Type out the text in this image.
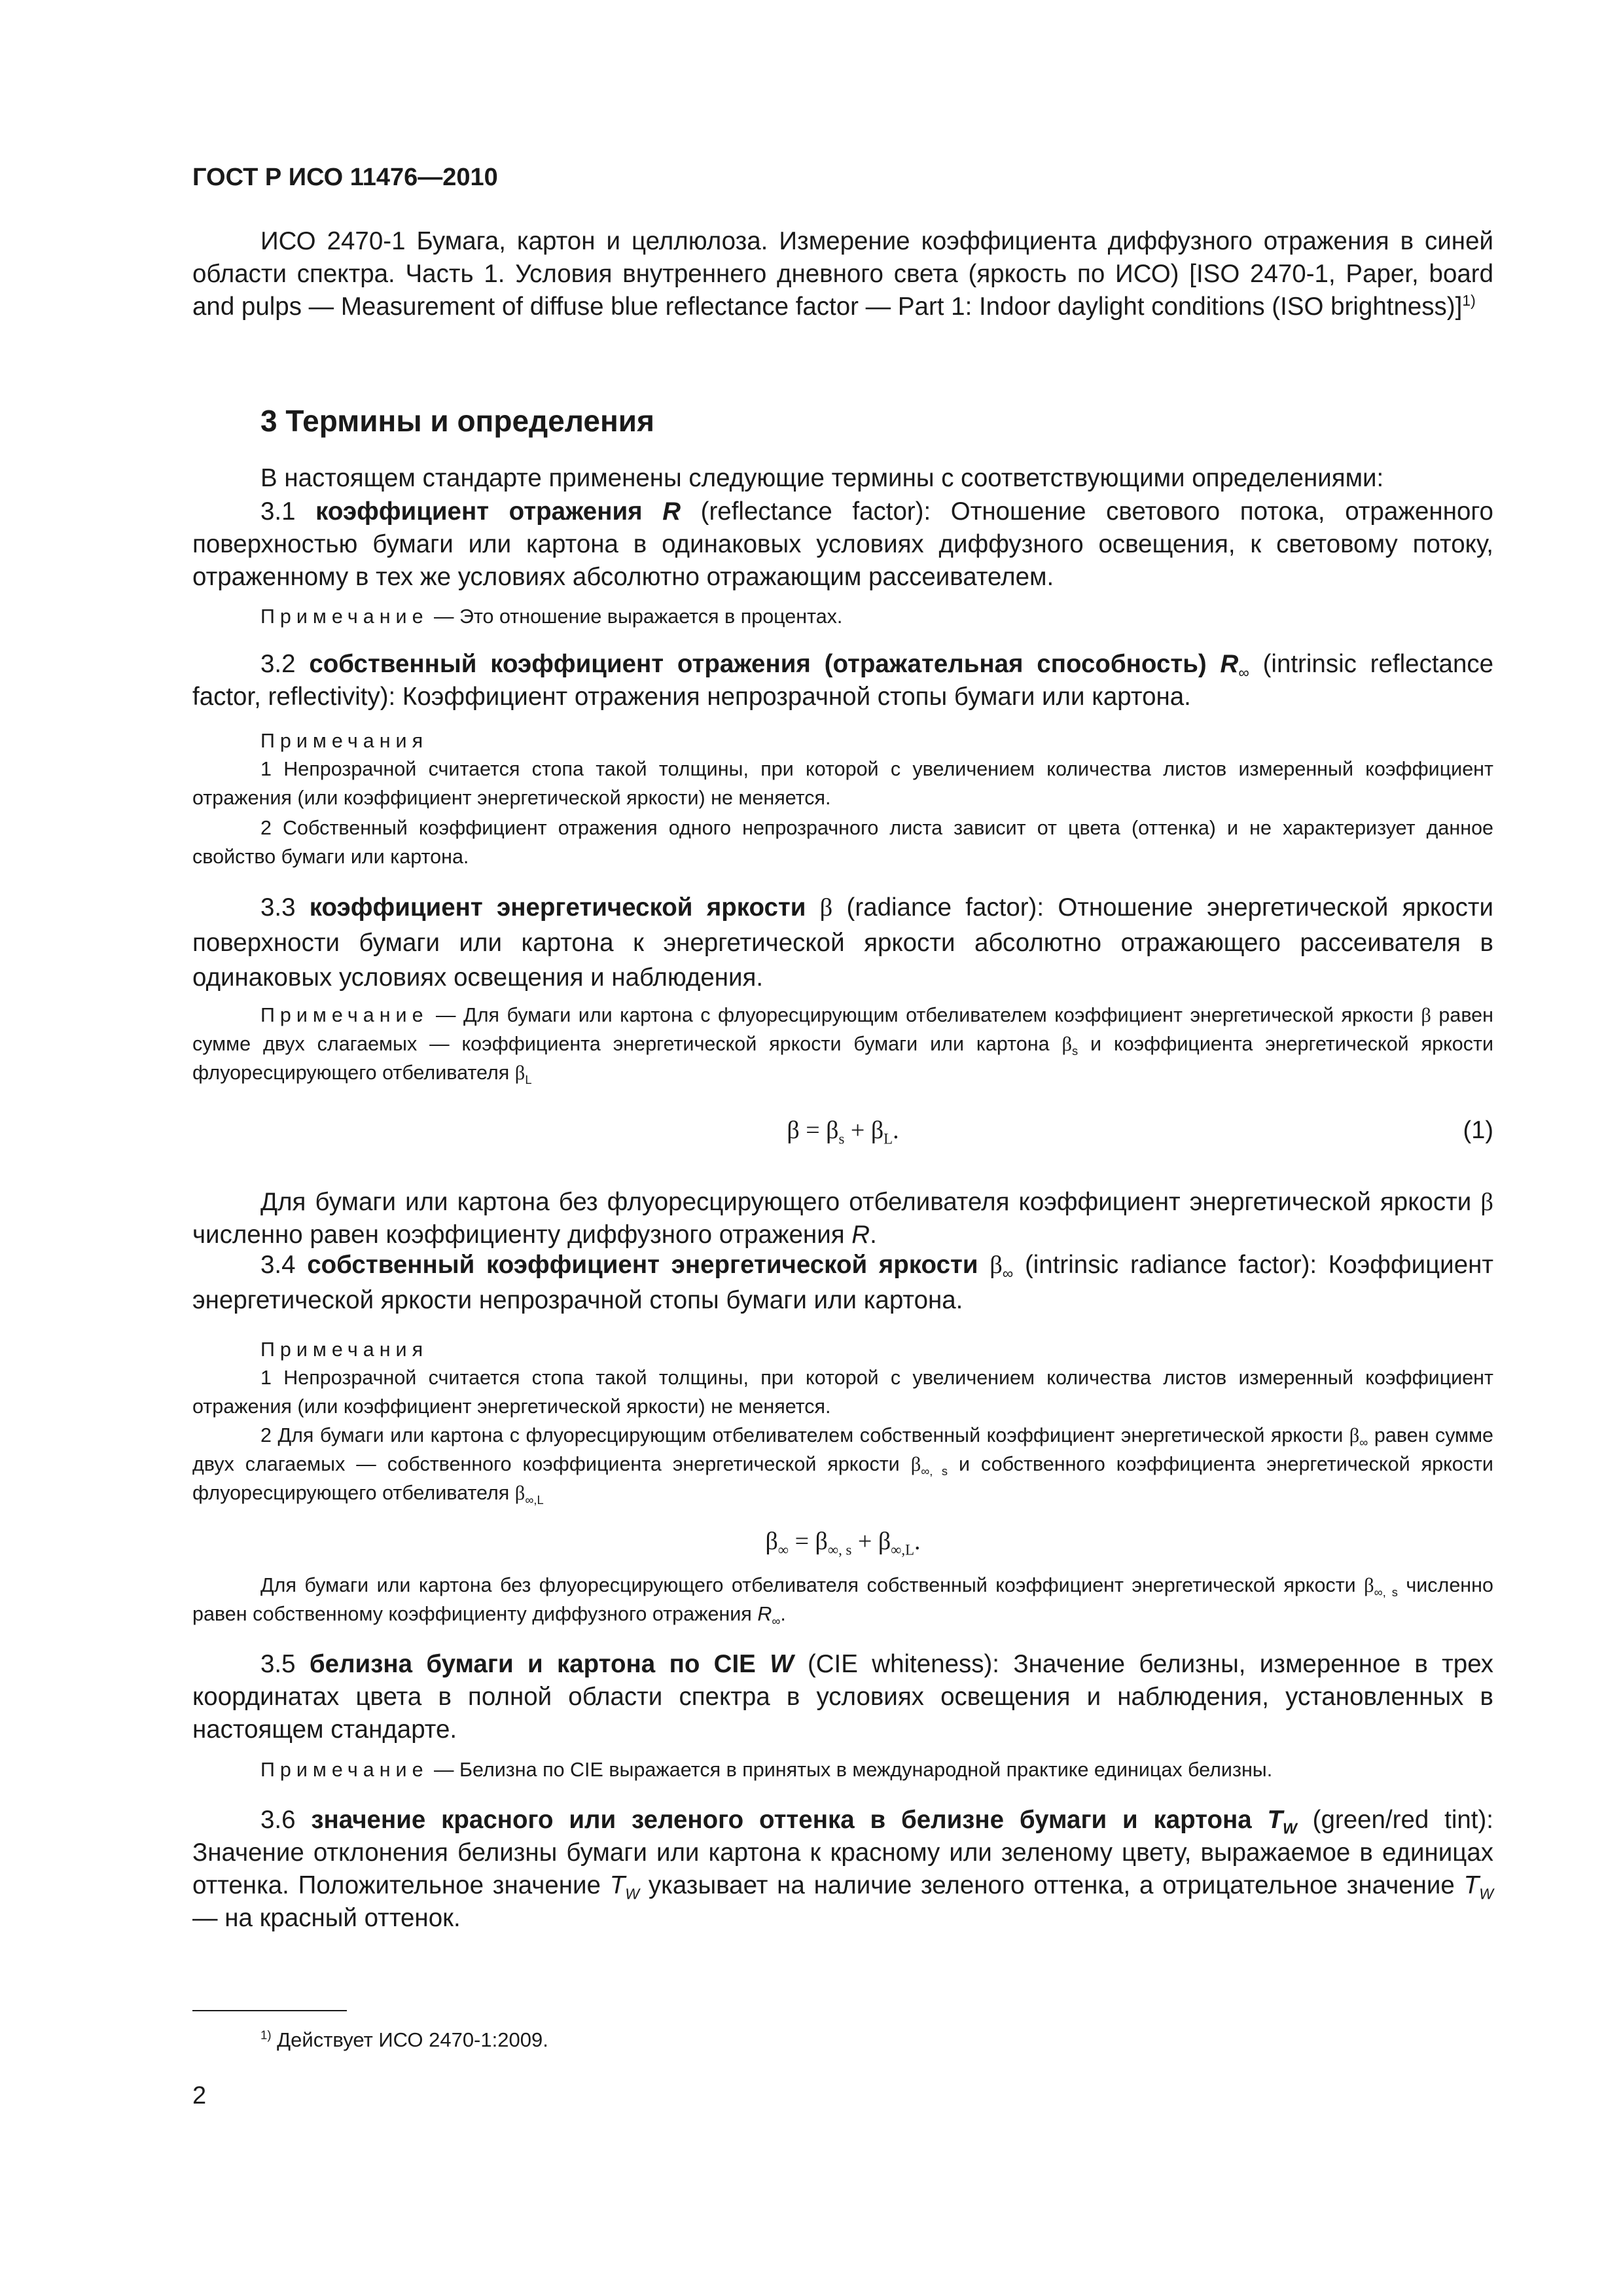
ГОСТ Р ИСО 11476—2010

ИСО 2470-1 Бумага, картон и целлюлоза. Измерение коэффициента диффузного отражения в синей области спектра. Часть 1. Условия внутреннего дневного света (яркость по ИСО) [ISO 2470-1, Paper, board and pulps — Measurement of diffuse blue reflectance factor — Part 1: Indoor daylight conditions (ISO brightness)]$^{1)}$

3 Термины и определения

В настоящем стандарте применены следующие термины с соответствующими определениями:

3.1 коэффициент отражения R (reflectance factor): Отношение светового потока, отраженного поверхностью бумаги или картона в одинаковых условиях диффузного освещения, к световому потоку, отраженному в тех же условиях абсолютно отражающим рассеивателем.

Примечание — Это отношение выражается в процентах.

3.2 собственный коэффициент отражения (отражательная способность) $R_\infty$ (intrinsic reflectance factor, reflectivity): Коэффициент отражения непрозрачной стопы бумаги или картона.

Примечания

1 Непрозрачной считается стопа такой толщины, при которой с увеличением количества листов измеренный коэффициент отражения (или коэффициент энергетической яркости) не меняется.

2 Собственный коэффициент отражения одного непрозрачного листа зависит от цвета (оттенка) и не характеризует данное свойство бумаги или картона.

3.3 коэффициент энергетической яркости β (radiance factor): Отношение энергетической яркости поверхности бумаги или картона к энергетической яркости абсолютно отражающего рассеивателя в одинаковых условиях освещения и наблюдения.

Примечание — Для бумаги или картона с флуоресцирующим отбеливателем коэффициент энергетической яркости β равен сумме двух слагаемых — коэффициента энергетической яркости бумаги или картона $\beta_s$ и коэффициента энергетической яркости флуоресцирующего отбеливателя $\beta_L$

$\beta = \beta_s + \beta_L$.	(1)

Для бумаги или картона без флуоресцирующего отбеливателя коэффициент энергетической яркости β численно равен коэффициенту диффузного отражения R.

3.4 собственный коэффициент энергетической яркости $\beta_\infty$ (intrinsic radiance factor): Коэффициент энергетической яркости непрозрачной стопы бумаги или картона.

Примечания

1 Непрозрачной считается стопа такой толщины, при которой с увеличением количества листов измеренный коэффициент отражения (или коэффициент энергетической яркости) не меняется.

2 Для бумаги или картона с флуоресцирующим отбеливателем собственный коэффициент энергетической яркости $\beta_\infty$ равен сумме двух слагаемых — собственного коэффициента энергетической яркости $\beta_{\infty, s}$ и собственного коэффициента энергетической яркости флуоресцирующего отбеливателя $\beta_{\infty,L}$

$\beta_\infty = \beta_{\infty, s} + \beta_{\infty,L}$.

Для бумаги или картона без флуоресцирующего отбеливателя собственный коэффициент энергетической яркости $\beta_{\infty, s}$ численно равен собственному коэффициенту диффузного отражения $R_\infty$.

3.5 белизна бумаги и картона по CIE W (CIE whiteness): Значение белизны, измеренное в трех координатах цвета в полной области спектра в условиях освещения и наблюдения, установленных в настоящем стандарте.

Примечание — Белизна по CIE выражается в принятых в международной практике единицах белизны.

3.6 значение красного или зеленого оттенка в белизне бумаги и картона $T_W$ (green/red tint): Значение отклонения белизны бумаги или картона к красному или зеленому цвету, выражаемое в единицах оттенка. Положительное значение $T_W$ указывает на наличие зеленого оттенка, а отрицательное значение $T_W$ — на красный оттенок.

$^{1)}$ Действует ИСО 2470-1:2009.
2
